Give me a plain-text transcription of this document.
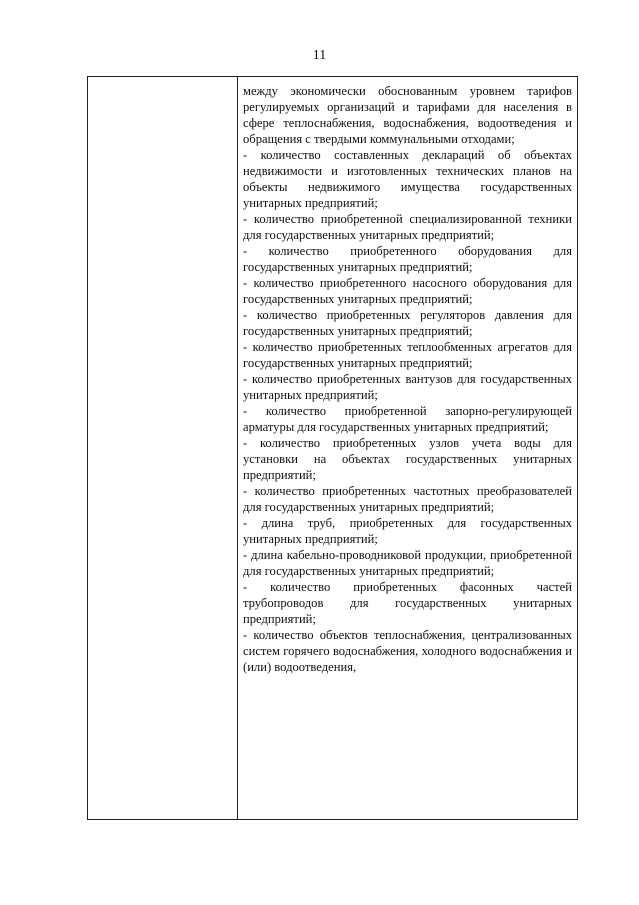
11

между экономически обоснованным уровнем тарифов регулируемых организаций и тарифами для населения в сфере теплоснабжения, водоснабжения, водоотведения и обращения с твердыми коммунальными отходами;

- количество составленных деклараций об объектах недвижимости и изготовленных технических планов на объекты недвижимого имущества государственных унитарных предприятий;

- количество приобретенной специализированной техники для государственных унитарных предприятий;

- количество приобретенного оборудования для государственных унитарных предприятий;

- количество приобретенного насосного оборудования для государственных унитарных предприятий;

- количество приобретенных регуляторов давления для государственных унитарных предприятий;

- количество приобретенных теплообменных агрегатов для государственных унитарных предприятий;

- количество приобретенных вантузов для государственных унитарных предприятий;

- количество приобретенной запорно-регулирующей арматуры для государственных унитарных предприятий;

- количество приобретенных узлов учета воды для установки на объектах государственных унитарных предприятий;

- количество приобретенных частотных преобразователей для государственных унитарных предприятий;

- длина труб, приобретенных для государственных унитарных предприятий;

- длина кабельно-проводниковой продукции, приобретенной для государственных унитарных предприятий;

- количество приобретенных фасонных частей трубопроводов для государственных унитарных предприятий;

- количество объектов теплоснабжения, централизованных систем горячего водоснабжения, холодного водоснабжения и (или) водоотведения,
